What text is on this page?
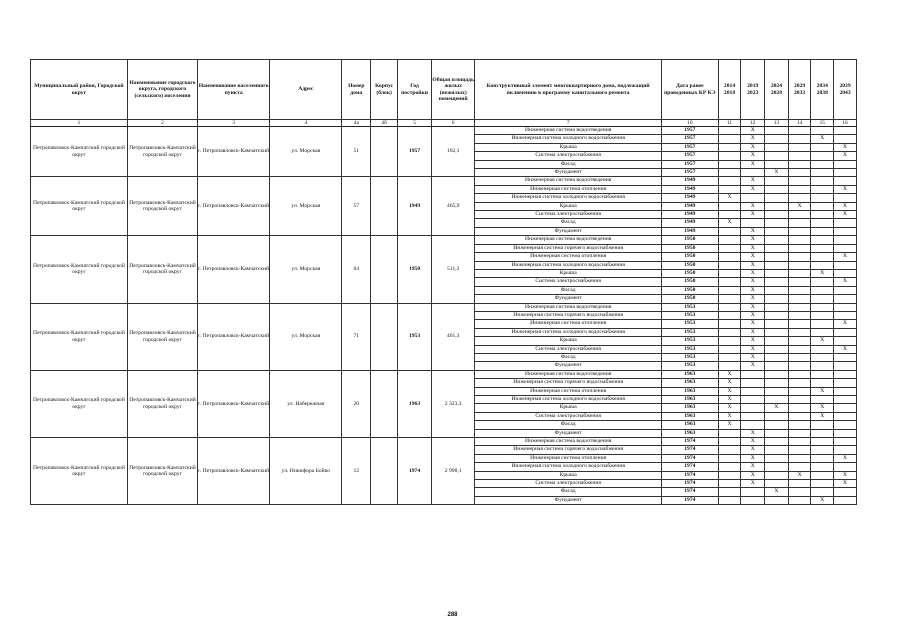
Муниципальный район, Городской округ	Наименование городского округа, городского (сельского) поселения	Наименование населенного пункта	Адрес	Номер дома	Корпус (блок)	Год постройки	Общая площадь жилых (нежилых) помещений	Конструктивный элемент многоквартирного дома, подлежащий включению в программу капитального ремонта	Дата ранее проведенных КР КЭ	2014 2018	2019 2023	2024 2028	2029 2033	2034 2038	2039 2043
1	2	3	4	4а	4б	5	6	7	10	11	12	13	14	15	16
Петропавловск-Камчатский городской округ	Петропавловск-Камчатский городской округ	г. Петропавловск-Камчатский	ул. Морская	51		1957	162,1	Инженерная система водоотведения	1957		X				
								Инженерная система холодного водоснабжения	1957		X			X	
								Крыша	1957		X				X
								Система электроснабжения	1957		X				X
								Фасад	1957		X				
								Фундамент	1957			X			
Петропавловск-Камчатский городской округ	Петропавловск-Камчатский городской округ	г. Петропавловск-Камчатский	ул. Морская	57		1949	465,9	Инженерная система водоотведения	1949		X				
								Инженерная система отопления	1949		X				X
								Инженерная система холодного водоснабжения	1949	X					
								Крыша	1949		X		X		X
								Система электроснабжения	1949		X				X
								Фасад	1949	X					
								Фундамент	1949		X				
Петропавловск-Камчатский городской округ	Петропавловск-Камчатский городской округ	г. Петропавловск-Камчатский	ул. Морская	64		1950	511,2	Инженерная система водоотведения	1950		X				
								Инженерная система горячего водоснабжения	1950		X				
								Инженерная система отопления	1950		X				X
								Инженерная система холодного водоснабжения	1950		X				
								Крыша	1950		X			X	
								Система электроснабжения	1950		X				X
								Фасад	1950		X				
								Фундамент	1950		X				
Петропавловск-Камчатский городской округ	Петропавловск-Камчатский городской округ	г. Петропавловск-Камчатский	ул. Морская	71		1953	461,3	Инженерная система водоотведения	1953		X				
								Инженерная система горячего водоснабжения	1953		X				
								Инженерная система отопления	1953		X				X
								Инженерная система холодного водоснабжения	1953		X				
								Крыша	1953		X			X	
								Система электроснабжения	1953		X				X
								Фасад	1953		X				
								Фундамент	1953		X				
Петропавловск-Камчатский городской округ	Петропавловск-Камчатский городской округ	г. Петропавловск-Камчатский	ул. Набережная	20		1963	2 323,3	Инженерная система водоотведения	1963	X					
								Инженерная система горячего водоснабжения	1963	X					
								Инженерная система отопления	1963	X				X	
								Инженерная система холодного водоснабжения	1963	X					
								Крыша	1963	X		X		X	
								Система электроснабжения	1963	X				X	
								Фасад	1963	X					
								Фундамент	1963		X				
Петропавловск-Камчатский городской округ	Петропавловск-Камчатский городской округ	г. Петропавловск-Камчатский	ул. Никифора Бойко	12		1974	2 998,1	Инженерная система водоотведения	1974		X				
								Инженерная система горячего водоснабжения	1974		X				
								Инженерная система отопления	1974		X				X
								Инженерная система холодного водоснабжения	1974		X				
								Крыша	1974		X		X		X
								Система электроснабжения	1974		X				X
								Фасад	1974			X			
								Фундамент	1974					X	
288
